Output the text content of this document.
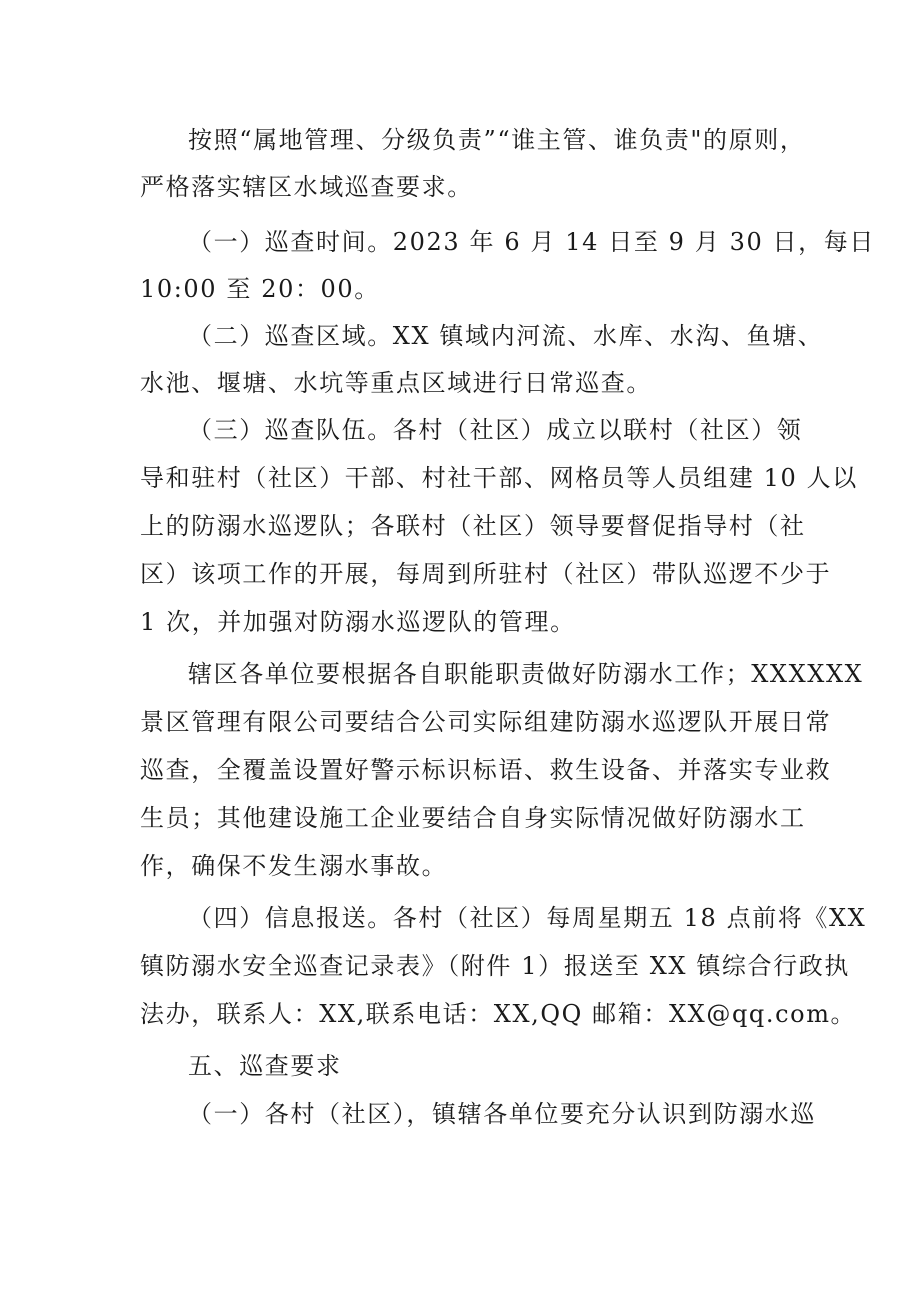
按照“属地管理、分级负责”“谁主管、谁负责"的原则，
严格落实辖区水域巡查要求。
（一）巡查时间。2023 年 6 月 14 日至 9 月 30 日，每日
10:00 至 20：00。
（二）巡查区域。XX 镇域内河流、水库、水沟、鱼塘、
水池、堰塘、水坑等重点区域进行日常巡查。
（三）巡查队伍。各村（社区）成立以联村（社区）领
导和驻村（社区）干部、村社干部、网格员等人员组建 10 人以
上的防溺水巡逻队；各联村（社区）领导要督促指导村（社
区）该项工作的开展，每周到所驻村（社区）带队巡逻不少于
1 次，并加强对防溺水巡逻队的管理。
辖区各单位要根据各自职能职责做好防溺水工作；XXXXXX
景区管理有限公司要结合公司实际组建防溺水巡逻队开展日常
巡查，全覆盖设置好警示标识标语、救生设备、并落实专业救
生员；其他建设施工企业要结合自身实际情况做好防溺水工
作，确保不发生溺水事故。
（四）信息报送。各村（社区）每周星期五 18 点前将《XX
镇防溺水安全巡查记录表》（附件 1）报送至 XX 镇综合行政执
法办，联系人：XX,联系电话：XX,QQ 邮箱：XX@qq.com。
五、巡查要求
（一）各村（社区），镇辖各单位要充分认识到防溺水巡
